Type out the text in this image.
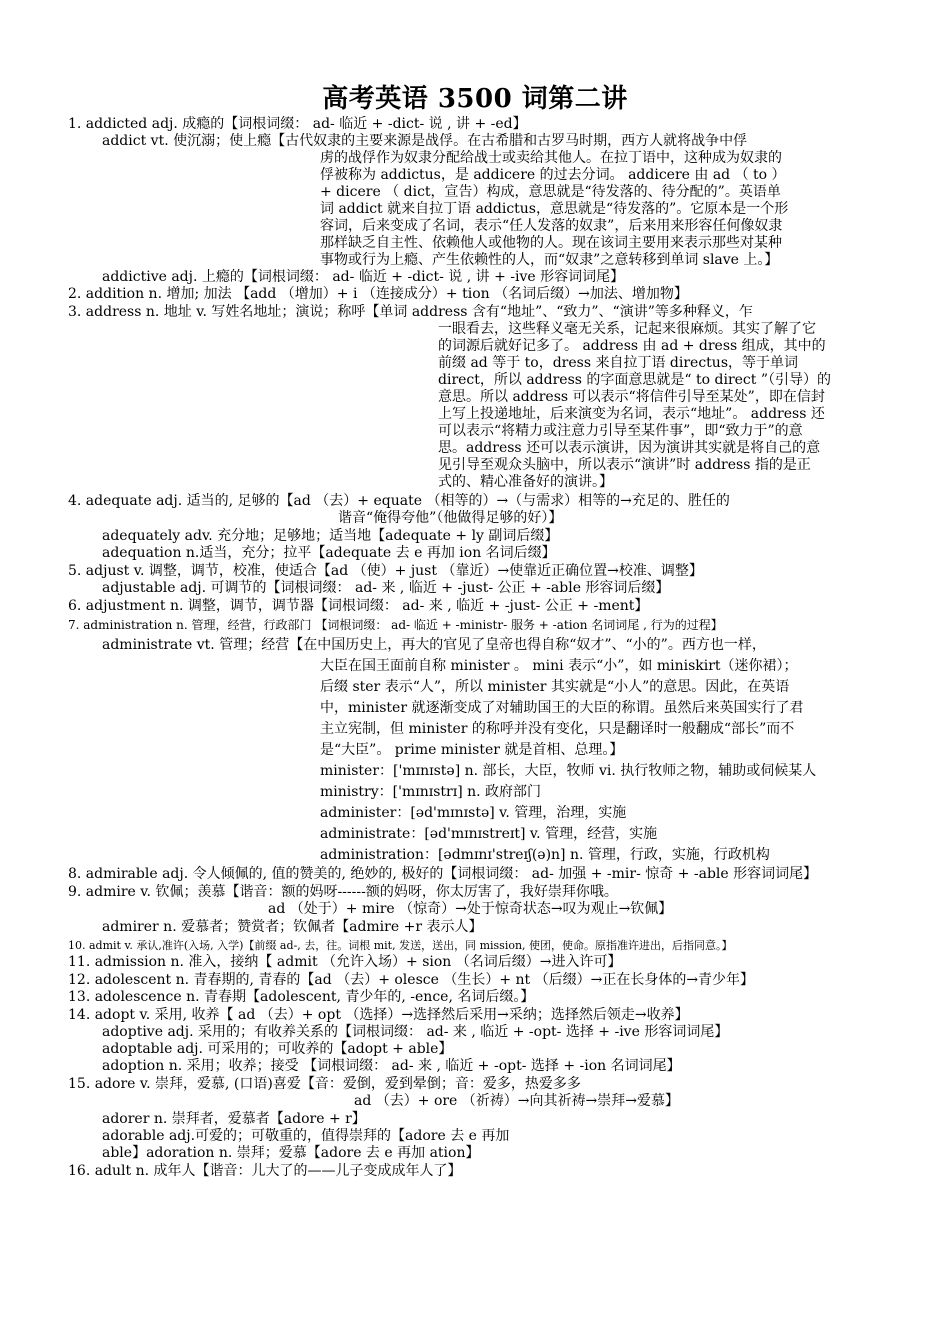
高考英语 3500 词第二讲
1. addicted adj. 成瘾的【词根词缀： ad- 临近 + -dict- 说 , 讲 + -ed】
addict vt. 使沉溺；使上瘾【古代奴隶的主要来源是战俘。在古希腊和古罗马时期，西方人就将战争中俘
虏的战俘作为奴隶分配给战士或卖给其他人。在拉丁语中，这种成为奴隶的
俘被称为 addictus，是 addicere 的过去分词。 addicere 由 ad （ to ）
+ dicere （ dict，宣告）构成，意思就是“待发落的、待分配的”。英语单
词 addict 就来自拉丁语 addictus，意思就是“待发落的”。它原本是一个形
容词，后来变成了名词，表示“任人发落的奴隶”，后来用来形容任何像奴隶
那样缺乏自主性、依赖他人或他物的人。现在该词主要用来表示那些对某种
事物或行为上瘾、产生依赖性的人，而“奴隶”之意转移到单词 slave 上。】
addictive adj. 上瘾的【词根词缀： ad- 临近 + -dict- 说 , 讲 + -ive 形容词词尾】
2. addition n. 增加; 加法 【add （增加）+ i （连接成分）+ tion （名词后缀）→加法、增加物】
3. address n. 地址 v. 写姓名地址；演说；称呼【单词 address 含有“地址”、“致力”、“演讲”等多种释义，乍
一眼看去，这些释义毫无关系，记起来很麻烦。其实了解了它
的词源后就好记多了。 address 由 ad + dress 组成，其中的
前缀 ad 等于 to，dress 来自拉丁语 directus，等于单词
direct，所以 address 的字面意思就是“ to direct ”（引导）的
意思。所以 address 可以表示“将信件引导至某处”，即在信封
上写上投递地址，后来演变为名词，表示“地址”。 address 还
可以表示“将精力或注意力引导至某件事”，即“致力于”的意
思。address 还可以表示演讲，因为演讲其实就是将自己的意
见引导至观众头脑中，所以表示“演讲”时 address 指的是正
式的、精心准备好的演讲。】
4. adequate adj. 适当的, 足够的【ad （去）+ equate （相等的）→（与需求）相等的→充足的、胜任的
谐音“俺得夸他”（他做得足够的好）】
adequately adv. 充分地；足够地；适当地【adequate + ly 副词后缀】
adequation n.适当，充分；拉平【adequate 去 e 再加 ion 名词后缀】
5. adjust v. 调整，调节，校准，使适合【ad （使）+ just （靠近）→使靠近正确位置→校准、调整】
adjustable adj. 可调节的【词根词缀： ad- 来 , 临近 + -just- 公正 + -able 形容词后缀】
6. adjustment n. 调整，调节，调节器【词根词缀： ad- 来 , 临近 + -just- 公正 + -ment】
7. administration n. 管理，经营，行政部门 【词根词缀： ad- 临近 + -ministr- 服务 + -ation 名词词尾 , 行为的过程】
administrate vt. 管理；经营【在中国历史上，再大的官见了皇帝也得自称“奴才”、“小的”。西方也一样，
大臣在国王面前自称 minister 。 mini 表示“小”，如 miniskirt（迷你裙）；
后缀 ster 表示“人”，所以 minister 其实就是“小人”的意思。因此，在英语
中，minister 就逐渐变成了对辅助国王的大臣的称谓。虽然后来英国实行了君
主立宪制，但 minister 的称呼并没有变化，只是翻译时一般翻成“部长”而不
是“大臣”。 prime minister 就是首相、总理。】
minister：['mɪnɪstə] n. 部长，大臣，牧师 vi. 执行牧师之物，辅助或伺候某人
ministry：['mɪnɪstrɪ] n. 政府部门
administer：[əd'mɪnɪstə] v. 管理，治理，实施
administrate：[əd'mɪnɪstreɪt] v. 管理，经营，实施
administration：[ədmɪnɪ'streɪʃ(ə)n] n. 管理，行政，实施，行政机构
8. admirable adj. 令人倾佩的, 值的赞美的, 绝妙的, 极好的【词根词缀： ad- 加强 + -mir- 惊奇 + -able 形容词词尾】
9. admire v. 钦佩；羡慕【谐音：额的妈呀------额的妈呀，你太厉害了，我好崇拜你哦。
ad （处于）+ mire （惊奇）→处于惊奇状态→叹为观止→钦佩】
admirer n. 爱慕者；赞赏者；钦佩者【admire +r 表示人】
10. admit v. 承认,准许(入场, 入学)【前缀 ad-, 去，往。词根 mit, 发送，送出，同 mission, 使团，使命。原指准许进出，后指同意。】
11. admission n. 准入，接纳【 admit （允许入场）+ sion （名词后缀）→进入许可】
12. adolescent n. 青春期的, 青春的【ad （去）+ olesce （生长）+ nt （后缀）→正在长身体的→青少年】
13. adolescence n. 青春期【adolescent, 青少年的, -ence, 名词后缀。】
14. adopt v. 采用, 收养【 ad （去）+ opt （选择）→选择然后采用→采纳；选择然后领走→收养】
adoptive adj. 采用的；有收养关系的【词根词缀： ad- 来 , 临近 + -opt- 选择 + -ive 形容词词尾】
adoptable adj. 可采用的；可收养的【adopt + able】
adoption n. 采用；收养；接受 【词根词缀： ad- 来 , 临近 + -opt- 选择 + -ion 名词词尾】
15. adore v. 崇拜，爱慕, (口语)喜爱【音：爱倒，爱到晕倒；音：爱多，热爱多多
ad （去）+ ore （祈祷）→向其祈祷→崇拜→爱慕】
adorer n. 崇拜者，爱慕者【adore + r】
adorable adj.可爱的；可敬重的，值得崇拜的【adore 去 e 再加
able】adoration n. 崇拜；爱慕【adore 去 e 再加 ation】
16. adult n. 成年人【谐音：儿大了的——儿子变成成年人了】
